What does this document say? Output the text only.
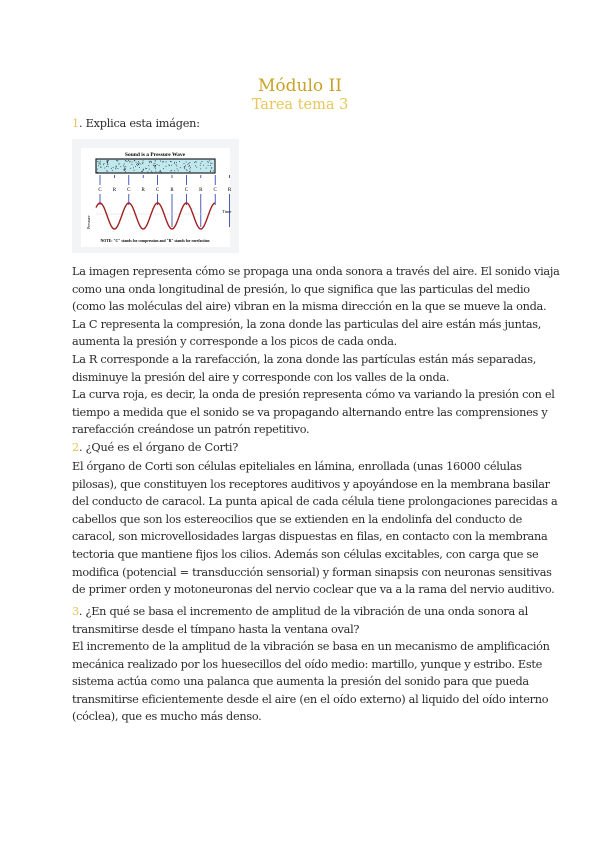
Módulo II
Tarea tema 3
1. Explica esta imágen:
Sound is a Pressure Wave
C R C R C R C R C R
Time
Pressure
NOTE: "C" stands for compression and "R" stands for rarefaction
La imagen representa cómo se propaga una onda sonora a través del aire. El sonido viaja
como una onda longitudinal de presión, lo que significa que las particulas del medio
(como las moléculas del aire) vibran en la misma dirección en la que se mueve la onda.
La C representa la compresión, la zona donde las particulas del aire están más juntas,
aumenta la presión y corresponde a los picos de cada onda.
La R corresponde a la rarefacción, la zona donde las partículas están más separadas,
disminuye la presión del aire y corresponde con los valles de la onda.
La curva roja, es decir, la onda de presión representa cómo va variando la presión con el
tiempo a medida que el sonido se va propagando alternando entre las comprensiones y
rarefacción creándose un patrón repetitivo.
2. ¿Qué es el órgano de Corti?
El órgano de Corti son células epiteliales en lámina, enrollada (unas 16000 células
pilosas), que constituyen los receptores auditivos y apoyándose en la membrana basilar
del conducto de caracol. La punta apical de cada célula tiene prolongaciones parecidas a
cabellos que son los estereocilios que se extienden en la endolinfa del conducto de
caracol, son microvellosidades largas dispuestas en filas, en contacto con la membrana
tectoria que mantiene fijos los cilios. Además son células excitables, con carga que se
modifica (potencial = transducción sensorial) y forman sinapsis con neuronas sensitivas
de primer orden y motoneuronas del nervio coclear que va a la rama del nervio auditivo.
3. ¿En qué se basa el incremento de amplitud de la vibración de una onda sonora al
transmitirse desde el tímpano hasta la ventana oval?
El incremento de la amplitud de la vibración se basa en un mecanismo de amplificación
mecánica realizado por los huesecillos del oído medio: martillo, yunque y estribo. Este
sistema actúa como una palanca que aumenta la presión del sonido para que pueda
transmitirse eficientemente desde el aire (en el oído externo) al liquido del oído interno
(cóclea), que es mucho más denso.
